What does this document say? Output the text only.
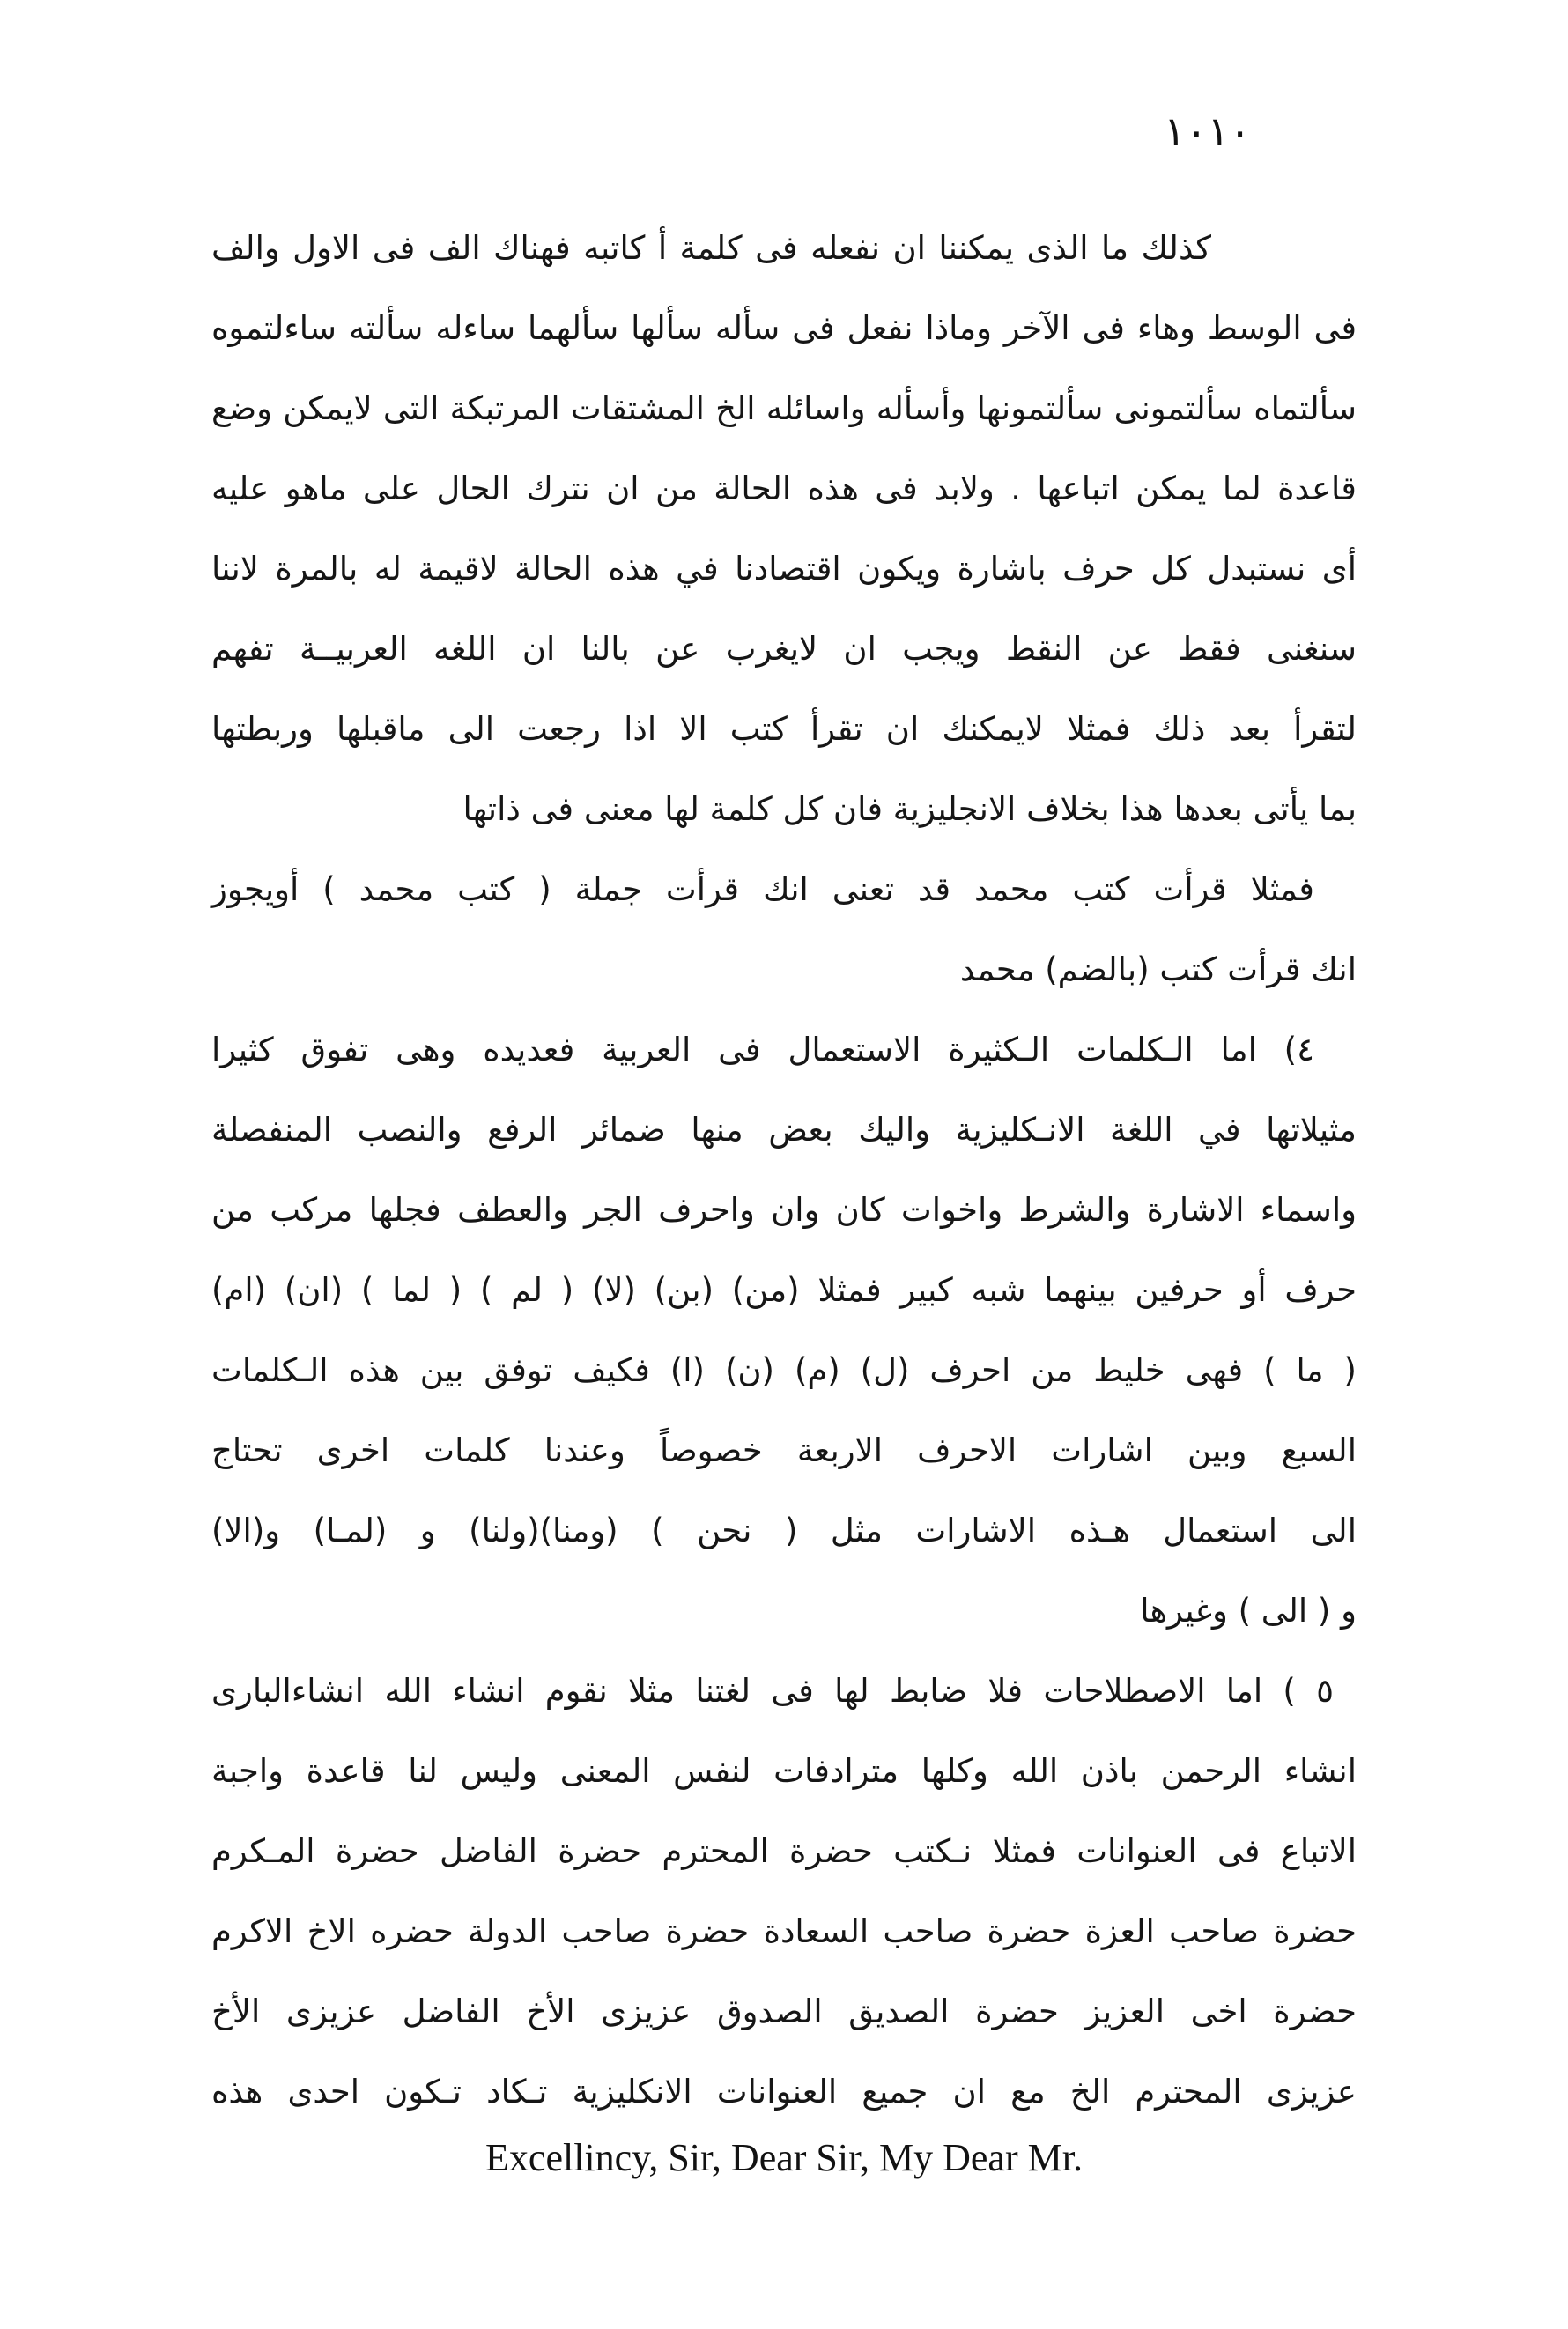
١٠١٠
كذلك ما الذى يمكننا ان نفعله فى كلمة أ كاتبه فهناك الف فى الاول والف
فى الوسط وهاء فى الآخر وماذا نفعل فى سأله سألها سألهما ساءله سألته ساءلتموه
سألتماه سألتمونى سألتمونها وأسأله واسائله الخ المشتقات المرتبكة التى لايمكن وضع
قاعدة لما يمكن اتباعها . ولابد فى هذه الحالة من ان نترك الحال على ماهو عليه
أى نستبدل كل حرف باشارة ويكون اقتصادنا في هذه الحالة لاقيمة له بالمرة لاننا
سنغنى فقط عن النقط ويجب ان لايغرب عن بالنا ان اللغه العربيــة تفهم
لتقرأ بعد ذلك فمثلا لايمكنك ان تقرأ كتب الا اذا رجعت الى ماقبلها وربطتها
بما يأتى بعدها هذا بخلاف الانجليزية فان كل كلمة لها معنى فى ذاتها
فمثلا قرأت كتب محمد قد تعنى انك قرأت جملة ( كتب محمد ) أويجوز
انك قرأت كتب (بالضم) محمد
٤) اما الـكلمات الـكثيرة الاستعمال فى العربية فعديده وهى تفوق كثيرا
مثيلاتها في اللغة الانـكليزية واليك بعض منها ضمائر الرفع والنصب المنفصلة
واسماء الاشارة والشرط واخوات كان وان واحرف الجر والعطف فجلها مركب من
حرف أو حرفين بينهما شبه كبير فمثلا (من) (بن) (لا) ( لم ) ( لما ) (ان) (ام)
( ما ) فهى خليط من احرف (ل) (م) (ن) (ا) فكيف توفق بين هذه الـكلمات
السبع وبين اشارات الاحرف الاربعة خصوصاً وعندنا كلمات اخرى تحتاج
الى استعمال هـذه الاشارات مثل ( نحن ) (ومنا)(ولنا) و (لمـا) و(الا)
و ( الى ) وغيرها
٥ ) اما الاصطلاحات فلا ضابط لها فى لغتنا مثلا نقوم انشاء الله انشاءالبارى
انشاء الرحمن باذن الله وكلها مترادفات لنفس المعنى وليس لنا قاعدة واجبة
الاتباع فى العنوانات فمثلا نـكتب حضرة المحترم حضرة الفاضل حضرة المـكرم
حضرة صاحب العزة حضرة صاحب السعادة حضرة صاحب الدولة حضره الاخ الاكرم
حضرة اخى العزيز حضرة الصديق الصدوق عزيزى الأخ الفاضل عزيزى الأخ
عزيزى المحترم الخ مع ان جميع العنوانات الانكليزية تـكاد تـكون احدى هذه
Excellincy, Sir, Dear Sir, My Dear Mr.
